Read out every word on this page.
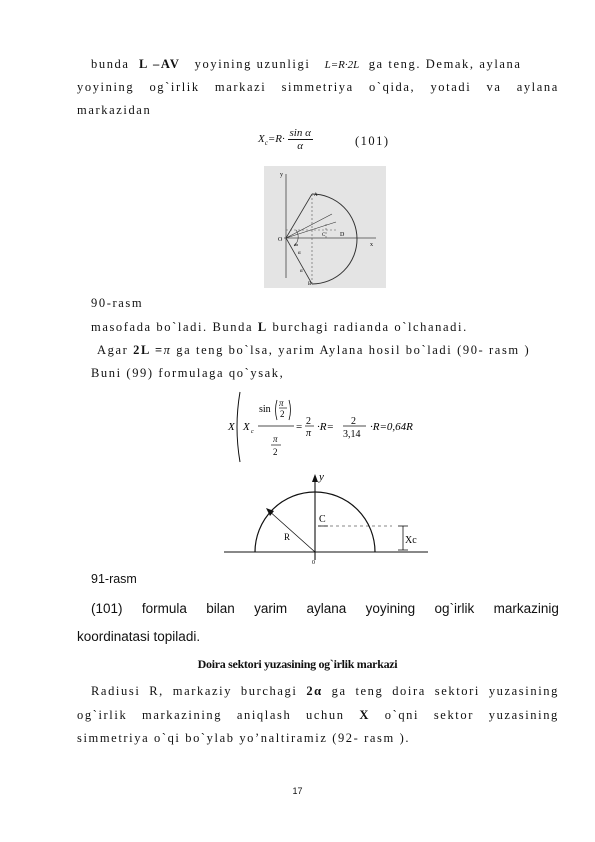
bunda L –AV yoyining uzunligi L=R·2L ga teng. Demak, aylana
yoyining og`irlik markazi simmetriya o`qida, yotadi va aylana
markazidan
$X_c=R\cdot \frac{\text{sin α}}{\alpha}$	(101)
y
A
O
C D
x
B
α
α
dα
90-rasm
masofada bo`ladi. Bunda L burchagi radianda o`lchanadi.
Agar 2L =π ga teng bo`lsa, yarim Aylana hosil bo`ladi (90- rasm )
Buni (99) formulaga qo`ysak,
X X c
sin
π
2
π
2
= 2
π
·R= 2
3,14
·R=0,64R
y
R
C
Xc
0
91-rasm
(101) formula bilan yarim aylana yoyining og`irlik markazinig
koordinatasi topiladi.
Doira sektori yuzasining og`irlik markazi
Radiusi R, markaziy burchagi 2α ga teng doira sektori yuzasining
og`irlik markazining aniqlash uchun X o`qni sektor yuzasining
simmetriya o`qi bo`ylab yo’naltiramiz (92- rasm ).
17
